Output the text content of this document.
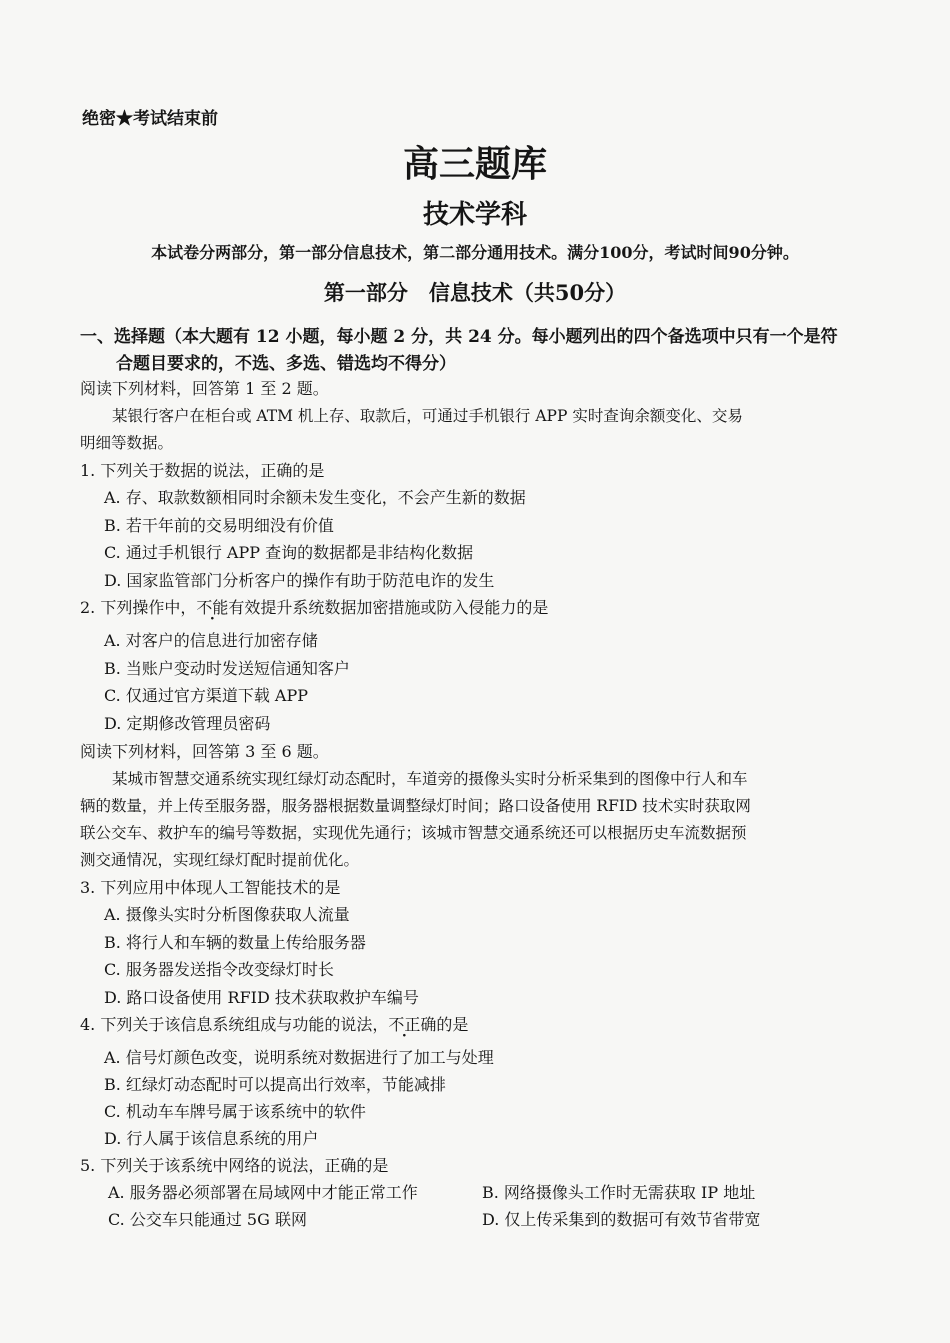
绝密★考试结束前
高三题库
技术学科
本试卷分两部分，第一部分信息技术，第二部分通用技术。满分100分，考试时间90分钟。
第一部分　信息技术（共50分）
一、选择题（本大题有 12 小题，每小题 2 分，共 24 分。每小题列出的四个备选项中只有一个是符
合题目要求的，不选、多选、错选均不得分）
阅读下列材料，回答第 1 至 2 题。
某银行客户在柜台或 ATM 机上存、取款后，可通过手机银行 APP 实时查询余额变化、交易
明细等数据。
1. 下列关于数据的说法，正确的是
A. 存、取款数额相同时余额未发生变化，不会产生新的数据
B. 若干年前的交易明细没有价值
C. 通过手机银行 APP 查询的数据都是非结构化数据
D. 国家监管部门分析客户的操作有助于防范电诈的发生
2. 下列操作中，不能有效提升系统数据加密措施或防入侵能力的是
A. 对客户的信息进行加密存储
B. 当账户变动时发送短信通知客户
C. 仅通过官方渠道下载 APP
D. 定期修改管理员密码
阅读下列材料，回答第 3 至 6 题。
某城市智慧交通系统实现红绿灯动态配时，车道旁的摄像头实时分析采集到的图像中行人和车
辆的数量，并上传至服务器，服务器根据数量调整绿灯时间；路口设备使用 RFID 技术实时获取网
联公交车、救护车的编号等数据，实现优先通行；该城市智慧交通系统还可以根据历史车流数据预
测交通情况，实现红绿灯配时提前优化。
3. 下列应用中体现人工智能技术的是
A. 摄像头实时分析图像获取人流量
B. 将行人和车辆的数量上传给服务器
C. 服务器发送指令改变绿灯时长
D. 路口设备使用 RFID 技术获取救护车编号
4. 下列关于该信息系统组成与功能的说法，不正确的是
A. 信号灯颜色改变，说明系统对数据进行了加工与处理
B. 红绿灯动态配时可以提高出行效率，节能减排
C. 机动车车牌号属于该系统中的软件
D. 行人属于该信息系统的用户
5. 下列关于该系统中网络的说法，正确的是
A. 服务器必须部署在局域网中才能正常工作	B. 网络摄像头工作时无需获取 IP 地址
C. 公交车只能通过 5G 联网	D. 仅上传采集到的数据可有效节省带宽
